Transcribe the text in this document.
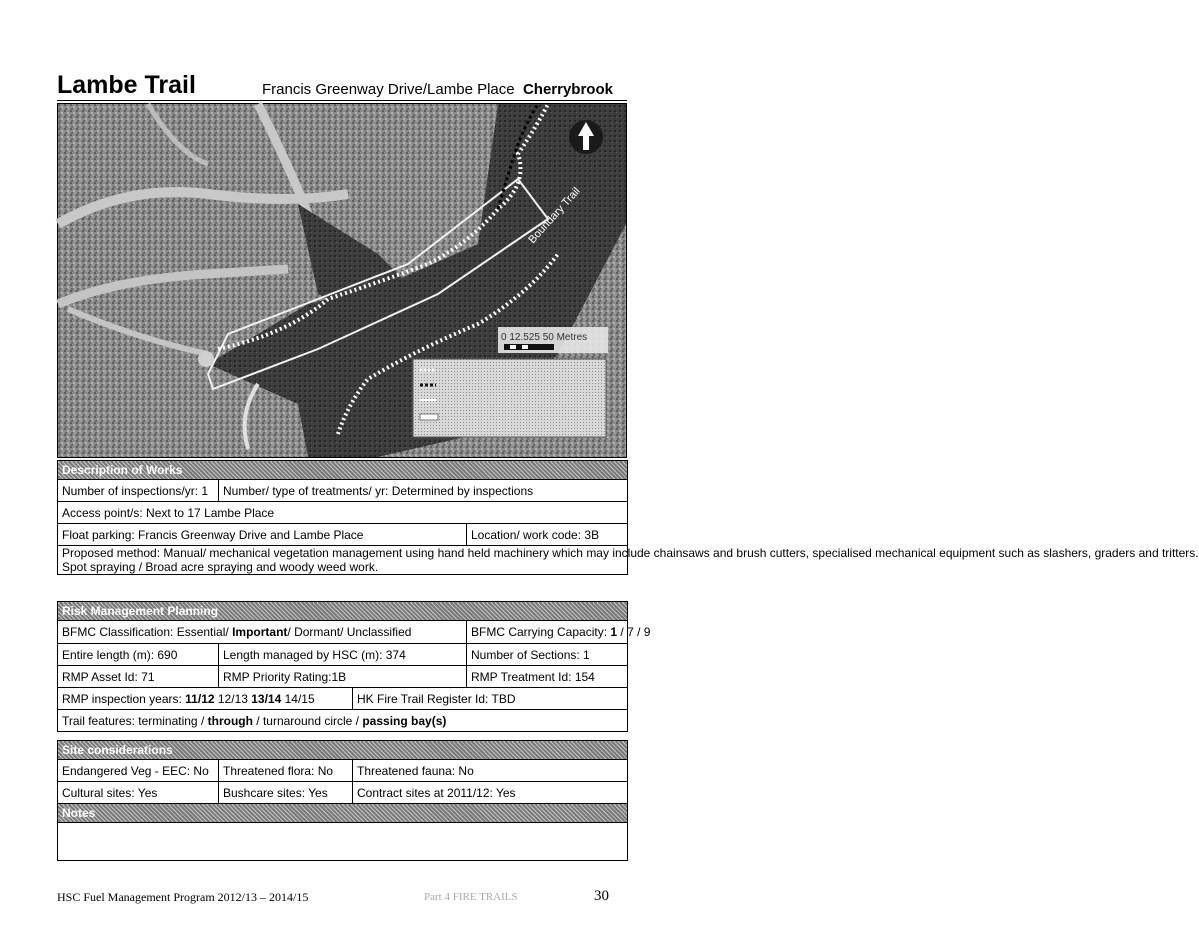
Lambe Trail	Francis Greenway Drive/Lambe Place Cherrybrook
Boundary Trail
0 12.525 50 Metres
Description of Works		
Number of inspections/yr: 1	Number/ type of treatments/ yr: Determined by inspections	
Access point/s: Next to 17 Lambe Place		
Float parking: Francis Greenway Drive and Lambe Place		Location/ work code: 3B

Proposed method: Manual/ mechanical vegetation management using hand held machinery which may include chainsaws and brush cutters, specialised mechanical equipment such as slashers, graders and tritters.
Spot spraying / Broad acre spraying and woody weed work.		
Risk Management Planning			
BFMC Classification: Essential/ Important/ Dormant/ Unclassified			BFMC Carrying Capacity: 1 / 7 / 9
Entire length (m): 690	Length managed by HSC (m): 374		Number of Sections: 1
RMP Asset Id: 71	RMP Priority Rating:1B		RMP Treatment Id: 154
RMP inspection years: 11/12 12/13 13/14 14/15		HK Fire Trail Register Id: TBD	
Trail features: terminating / through / turnaround circle / passing bay(s)			
Site considerations		
Endangered Veg - EEC: No	Threatened flora: No	Threatened fauna: No
Cultural sites: Yes	Bushcare sites: Yes	Contract sites at 2011/12: Yes
Notes		

HSC Fuel Management Program 2012/13 – 2014/15	Part 4 FIRE TRAILS	30
